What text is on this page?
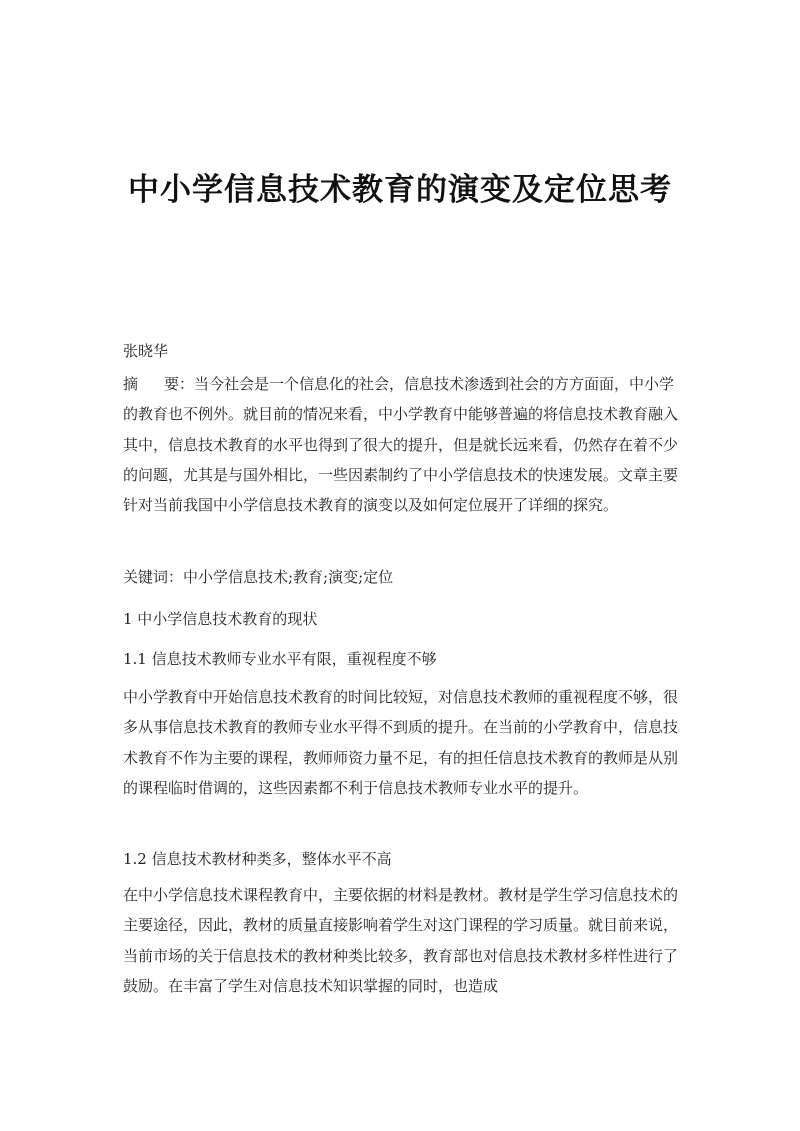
中小学信息技术教育的演变及定位思考
张晓华
摘 要：当今社会是一个信息化的社会，信息技术渗透到社会的方方面面，中小学的教育也不例外。就目前的情况来看，中小学教育中能够普遍的将信息技术教育融入其中，信息技术教育的水平也得到了很大的提升，但是就长远来看，仍然存在着不少的问题，尤其是与国外相比，一些因素制约了中小学信息技术的快速发展。文章主要针对当前我国中小学信息技术教育的演变以及如何定位展开了详细的探究。
关键词：中小学信息技术;教育;演变;定位
1 中小学信息技术教育的现状
1.1 信息技术教师专业水平有限，重视程度不够
中小学教育中开始信息技术教育的时间比较短，对信息技术教师的重视程度不够，很多从事信息技术教育的教师专业水平得不到质的提升。在当前的小学教育中，信息技术教育不作为主要的课程，教师师资力量不足，有的担任信息技术教育的教师是从别的课程临时借调的，这些因素都不利于信息技术教师专业水平的提升。
1.2 信息技术教材种类多，整体水平不高
在中小学信息技术课程教育中，主要依据的材料是教材。教材是学生学习信息技术的主要途径，因此，教材的质量直接影响着学生对这门课程的学习质量。就目前来说，当前市场的关于信息技术的教材种类比较多，教育部也对信息技术教材多样性进行了鼓励。在丰富了学生对信息技术知识掌握的同时，也造成
